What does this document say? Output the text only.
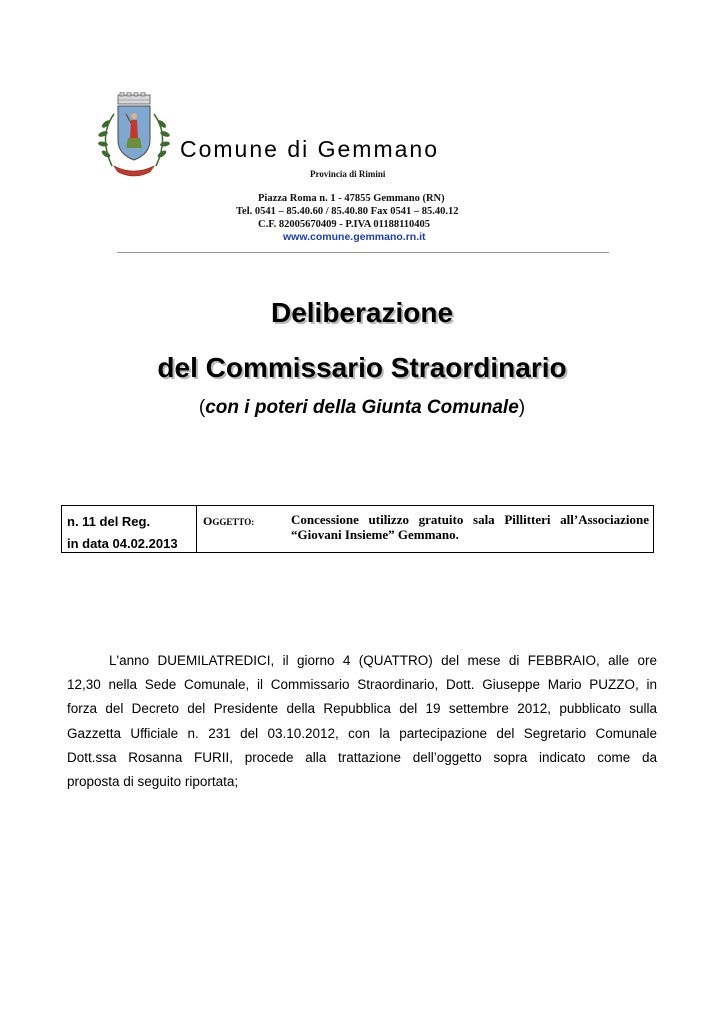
Comune di Gemmano
Provincia di Rimini
Piazza Roma n. 1 - 47855 Gemmano (RN)
Tel. 0541 – 85.40.60 / 85.40.80 Fax 0541 – 85.40.12
C.F. 82005670409 - P.IVA 01188110405
www.comune.gemmano.rn.it
Deliberazione
del Commissario Straordinario
(con i poteri della Giunta Comunale)
n. 11 del Reg.
in data 04.02.2013
OGGETTO:	Concessione utilizzo gratuito sala Pillitteri all’Associazione
“Giovani Insieme” Gemmano.
L'anno DUEMILATREDICI, il giorno 4 (QUATTRO) del mese di FEBBRAIO, alle ore
12,30 nella Sede Comunale, il Commissario Straordinario, Dott. Giuseppe Mario PUZZO, in
forza del Decreto del Presidente della Repubblica del 19 settembre 2012, pubblicato sulla
Gazzetta Ufficiale n. 231 del 03.10.2012, con la partecipazione del Segretario Comunale
Dott.ssa Rosanna FURII, procede alla trattazione dell’oggetto sopra indicato come da
proposta di seguito riportata;
